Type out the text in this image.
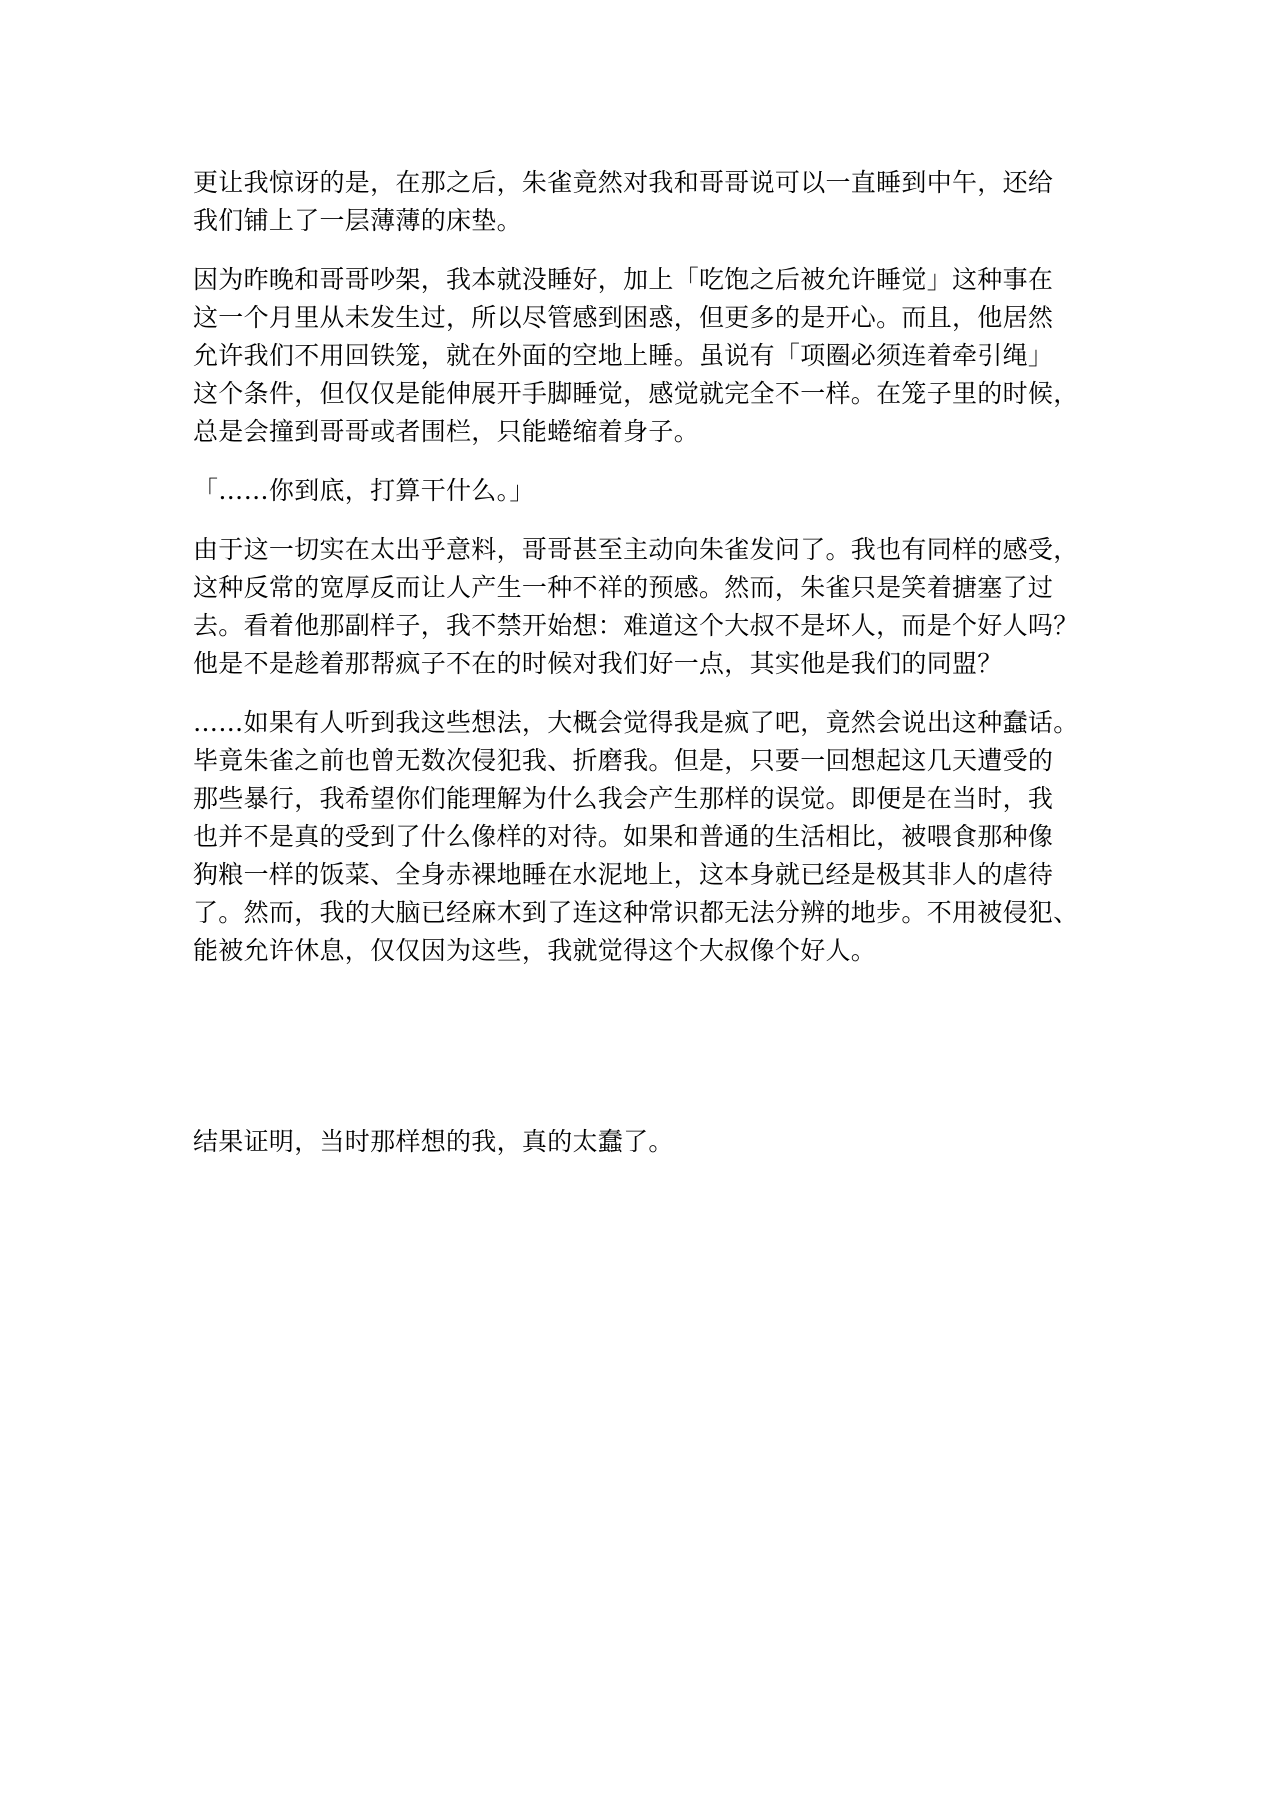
更让我惊讶的是，在那之后，朱雀竟然对我和哥哥说可以一直睡到中午，还给
我们铺上了一层薄薄的床垫。

因为昨晚和哥哥吵架，我本就没睡好，加上「吃饱之后被允许睡觉」这种事在
这一个月里从未发生过，所以尽管感到困惑，但更多的是开心。而且，他居然
允许我们不用回铁笼，就在外面的空地上睡。虽说有「项圈必须连着牵引绳」
这个条件，但仅仅是能伸展开手脚睡觉，感觉就完全不一样。在笼子里的时候，
总是会撞到哥哥或者围栏，只能蜷缩着身子。

「……你到底，打算干什么。」

由于这一切实在太出乎意料，哥哥甚至主动向朱雀发问了。我也有同样的感受，
这种反常的宽厚反而让人产生一种不祥的预感。然而，朱雀只是笑着搪塞了过
去。看着他那副样子，我不禁开始想：难道这个大叔不是坏人，而是个好人吗？
他是不是趁着那帮疯子不在的时候对我们好一点，其实他是我们的同盟？

……如果有人听到我这些想法，大概会觉得我是疯了吧，竟然会说出这种蠢话。
毕竟朱雀之前也曾无数次侵犯我、折磨我。但是，只要一回想起这几天遭受的
那些暴行，我希望你们能理解为什么我会产生那样的误觉。即便是在当时，我
也并不是真的受到了什么像样的对待。如果和普通的生活相比，被喂食那种像
狗粮一样的饭菜、全身赤裸地睡在水泥地上，这本身就已经是极其非人的虐待
了。然而，我的大脑已经麻木到了连这种常识都无法分辨的地步。不用被侵犯、
能被允许休息，仅仅因为这些，我就觉得这个大叔像个好人。

结果证明，当时那样想的我，真的太蠢了。
